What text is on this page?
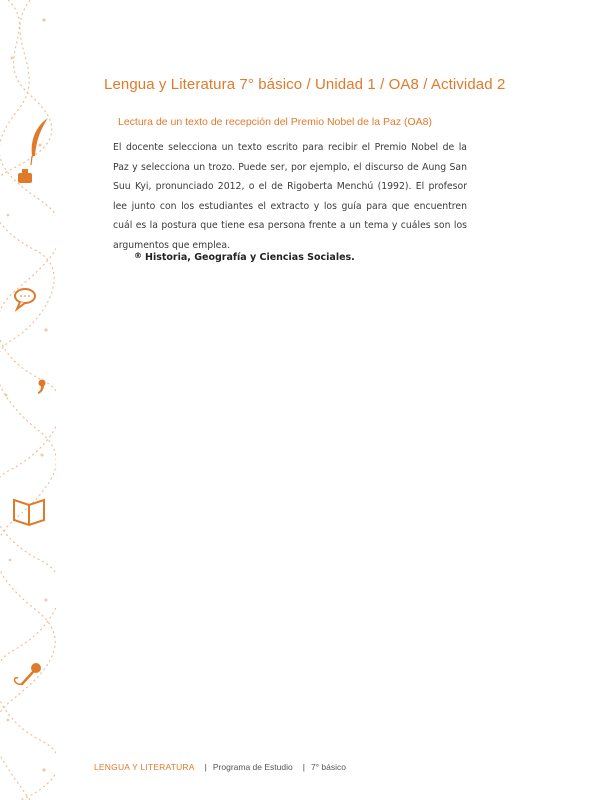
Lengua y Literatura 7° básico / Unidad 1 / OA8 / Actividad 2
Lectura de un texto de recepción del Premio Nobel de la Paz (OA8)
El docente selecciona un texto escrito para recibir el Premio Nobel de la Paz y selecciona un trozo. Puede ser, por ejemplo, el discurso de Aung San Suu Kyi, pronunciado 2012, o el de Rigoberta Menchú (1992). El profesor lee junto con los estudiantes el extracto y los guía para que encuentren cuál es la postura que tiene esa persona frente a un tema y cuáles son los argumentos que emplea.
® Historia, Geografía y Ciencias Sociales.
LENGUA Y LITERATURA | Programa de Estudio | 7° básico
